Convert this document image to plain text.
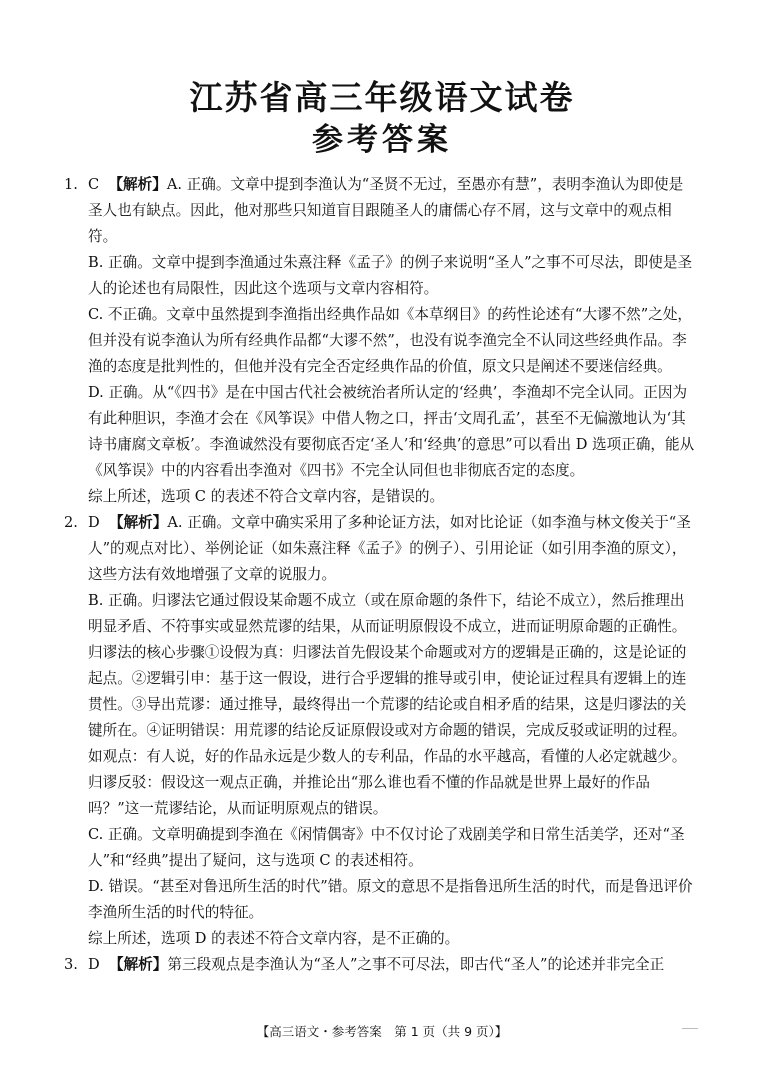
江苏省高三年级语文试卷
参考答案

1. C 【解析】A. 正确。文章中提到李渔认为“圣贤不无过，至愚亦有慧”，表明李渔认为即使是圣人也有缺点。因此，他对那些只知道盲目跟随圣人的庸儒心存不屑，这与文章中的观点相符。

B. 正确。文章中提到李渔通过朱熹注释《孟子》的例子来说明“圣人”之事不可尽法，即使是圣人的论述也有局限性，因此这个选项与文章内容相符。

C. 不正确。文章中虽然提到李渔指出经典作品如《本草纲目》的药性论述有“大谬不然”之处，但并没有说李渔认为所有经典作品都“大谬不然”，也没有说李渔完全不认同这些经典作品。李渔的态度是批判性的，但他并没有完全否定经典作品的价值，原文只是阐述不要迷信经典。

D. 正确。从“《四书》是在中国古代社会被统治者所认定的‘经典’，李渔却不完全认同。正因为有此种胆识，李渔才会在《风筝误》中借人物之口，抨击‘文周孔孟’，甚至不无偏激地认为‘其诗书庸腐文章板’。李渔诚然没有要彻底否定‘圣人’和‘经典’的意思”可以看出 D 选项正确，能从《风筝误》中的内容看出李渔对《四书》不完全认同但也非彻底否定的态度。

综上所述，选项 C 的表述不符合文章内容，是错误的。

2. D 【解析】A. 正确。文章中确实采用了多种论证方法，如对比论证（如李渔与林文俊关于“圣人”的观点对比）、举例论证（如朱熹注释《孟子》的例子）、引用论证（如引用李渔的原文），这些方法有效地增强了文章的说服力。

B. 正确。归谬法它通过假设某命题不成立（或在原命题的条件下，结论不成立），然后推理出明显矛盾、不符事实或显然荒谬的结果，从而证明原假设不成立，进而证明原命题的正确性。归谬法的核心步骤①设假为真：归谬法首先假设某个命题或对方的逻辑是正确的，这是论证的起点。②逻辑引申：基于这一假设，进行合乎逻辑的推导或引申，使论证过程具有逻辑上的连贯性。③导出荒谬：通过推导，最终得出一个荒谬的结论或自相矛盾的结果，这是归谬法的关键所在。④证明错误：用荒谬的结论反证原假设或对方命题的错误，完成反驳或证明的过程。如观点：有人说，好的作品永远是少数人的专利品，作品的水平越高，看懂的人必定就越少。归谬反驳：假设这一观点正确，并推论出“那么谁也看不懂的作品就是世界上最好的作品吗？”这一荒谬结论，从而证明原观点的错误。

C. 正确。文章明确提到李渔在《闲情偶寄》中不仅讨论了戏剧美学和日常生活美学，还对“圣人”和“经典”提出了疑问，这与选项 C 的表述相符。

D. 错误。“甚至对鲁迅所生活的时代”错。原文的意思不是指鲁迅所生活的时代，而是鲁迅评价李渔所生活的时代的特征。

综上所述，选项 D 的表述不符合文章内容，是不正确的。

3. D 【解析】第三段观点是李渔认为“圣人”之事不可尽法，即古代“圣人”的论述并非完全正

【高三语文・参考答案　第 1 页（共 9 页）】
